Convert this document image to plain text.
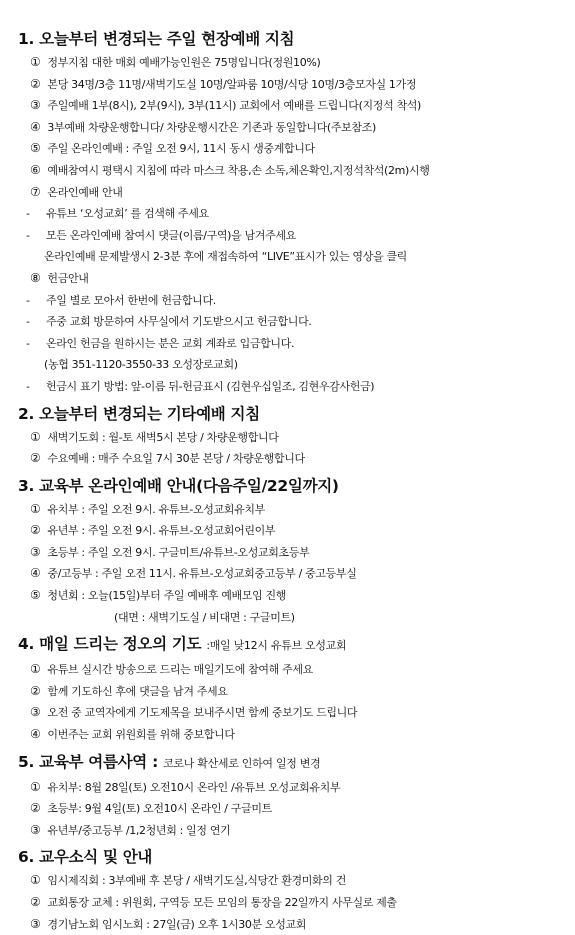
1. 오늘부터 변경되는 주일 현장예배 지침
① 정부지침 대한 매회 예배가능인원은 75명입니다(정원10%)
② 본당 34명/3층 11명/새벽기도실 10명/알파룸 10명/식당 10명/3층모자실 1가정
③ 주일예배 1부(8시), 2부(9시), 3부(11시) 교회에서 예배를 드립니다(지정석 착석)
④ 3부예배 차량운행합니다/ 차량운행시간은 기존과 동일합니다(주보참조)
⑤ 주일 온라인예배 : 주일 오전 9시, 11시 동시 생중계합니다
⑥ 예배참여시 평택시 지침에 따라 마스크 착용,손 소독,체온확인,지정석착석(2m)시행
⑦ 온라인예배 안내
- 유튜브 ‘오성교회’ 를 검색해 주세요
- 모든 온라인예배 참여시 댓글(이름/구역)을 남겨주세요
온라인예배 문제발생시 2-3분 후에 재접속하여 “LIVE”표시가 있는 영상을 클릭
⑧ 헌금안내
- 주일 별로 모아서 한번에 헌금합니다.
- 주중 교회 방문하여 사무실에서 기도받으시고 헌금합니다.
- 온라인 헌금을 원하시는 분은 교회 계좌로 입금합니다.
(농협 351-1120-3550-33 오성장로교회)
- 헌금시 표기 방법: 앞-이름 뒤-헌금표시 (김현우십일조, 김현우감사헌금)
2. 오늘부터 변경되는 기타예배 지침
① 새벽기도회 : 월-토 새벽5시 본당 / 차량운행합니다
② 수요예배 : 매주 수요일 7시 30분 본당 / 차량운행합니다
3. 교육부 온라인예배 안내(다음주일/22일까지)
① 유치부 : 주일 오전 9시. 유튜브-오성교회유치부
② 유년부 : 주일 오전 9시. 유튜브-오성교회어린이부
③ 초등부 : 주일 오전 9시. 구글미트/유튜브-오성교회초등부
④ 중/고등부 : 주일 오전 11시. 유튜브-오성교회중고등부 / 중고등부실
⑤ 청년회 : 오늘(15일)부터 주일 예배후 예배모임 진행
(대면 : 새벽기도실 / 비대면 : 구글미트)
4. 매일 드리는 정오의 기도 :매일 낮12시 유튜브 오성교회
① 유튜브 실시간 방송으로 드리는 매일기도에 참여해 주세요
② 함께 기도하신 후에 댓글을 남겨 주세요
③ 오전 중 교역자에게 기도제목을 보내주시면 함께 중보기도 드립니다
④ 이번주는 교회 위원회를 위해 중보합니다
5. 교육부 여름사역 : 코로나 확산세로 인하여 일정 변경
① 유치부: 8월 28일(토) 오전10시 온라인 /유튜브 오성교회유치부
② 초등부: 9월 4일(토) 오전10시 온라인 / 구글미트
③ 유년부/중고등부 /1,2청년회 : 일정 연기
6. 교우소식 및 안내
① 임시제직회 : 3부예배 후 본당 / 새벽기도실,식당간 환경미화의 건
② 교회통장 교체 : 위원회, 구역등 모든 모임의 통장을 22일까지 사무실로 제출
③ 경기남노회 임시노회 : 27일(금) 오후 1시30분 오성교회
